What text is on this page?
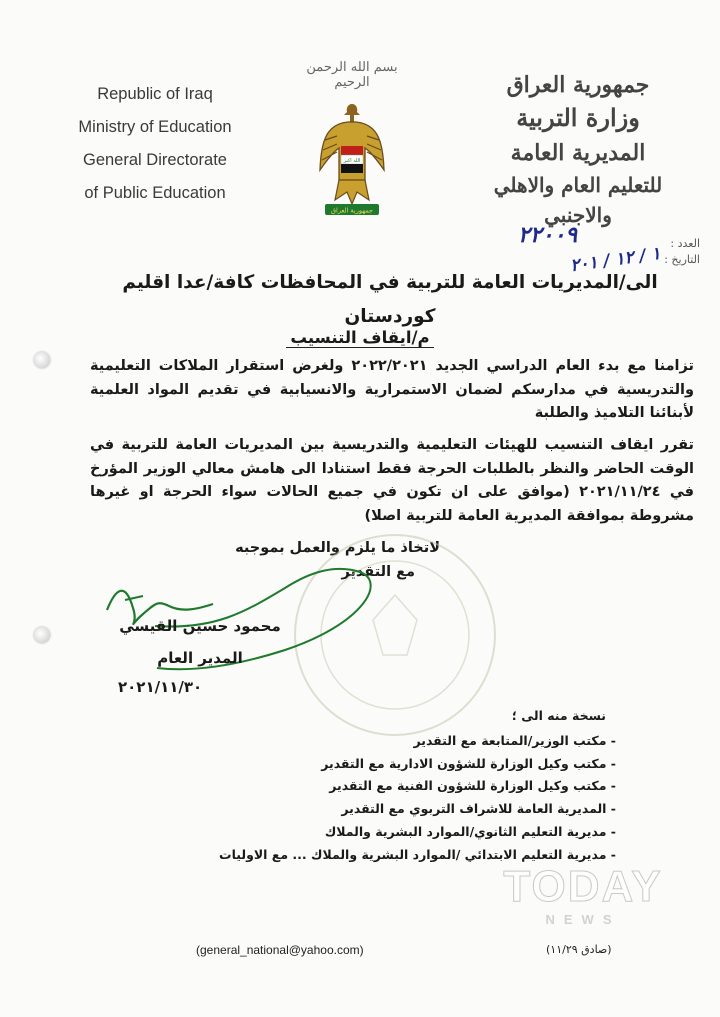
Republic of Iraq
Ministry of Education
General Directorate
of Public Education
بسم الله الرحمن الرحيم
الله اكبر
جمهورية العراق
جمهورية العراق
وزارة التربية
المديرية العامة
للتعليم العام والاهلي والاجنبي
العدد :
التاريخ :
٢٢٠٠٩
١ / ١٢ / ٢٠١
الى/المديريات العامة للتربية في المحافظات كافة/عدا اقليم كوردستان
م/ايقاف التنسيب
تزامنا مع بدء العام الدراسي الجديد ٢٠٢٢/٢٠٢١ ولغرض استقرار الملاكات التعليمية والتدريسية في مدارسكم لضمان الاستمرارية والانسيابية في تقديم المواد العلمية لأبنائنا التلاميذ والطلبة
تقرر ايقاف التنسيب للهيئات التعليمية والتدريسية بين المديريات العامة للتربية في الوقت الحاضر والنظر بالطلبات الحرجة فقط استنادا الى هامش معالي الوزير المؤرخ في ٢٠٢١/١١/٢٤ (موافق على ان تكون في جميع الحالات سواء الحرجة او غيرها مشروطة بموافقة المديرية العامة للتربية اصلا)
لاتخاذ ما يلزم والعمل بموجبه
مع التقدير
محمود حسين القيسي
المدير العام
٢٠٢١/١١/٣٠
نسخة منه الى ؛
- مكتب الوزير/المتابعة مع التقدير
- مكتب وكيل الوزارة للشؤون الادارية مع التقدير
- مكتب وكيل الوزارة للشؤون الفنية مع التقدير
- المديرية العامة للاشراف التربوي مع التقدير
- مديرية التعليم الثانوي/الموارد البشرية والملاك
- مديرية التعليم الابتدائي /الموارد البشرية والملاك ... مع الاوليات
TODAY
NEWS
(general_national@yahoo.com)	(صادق ١١/٢٩)
